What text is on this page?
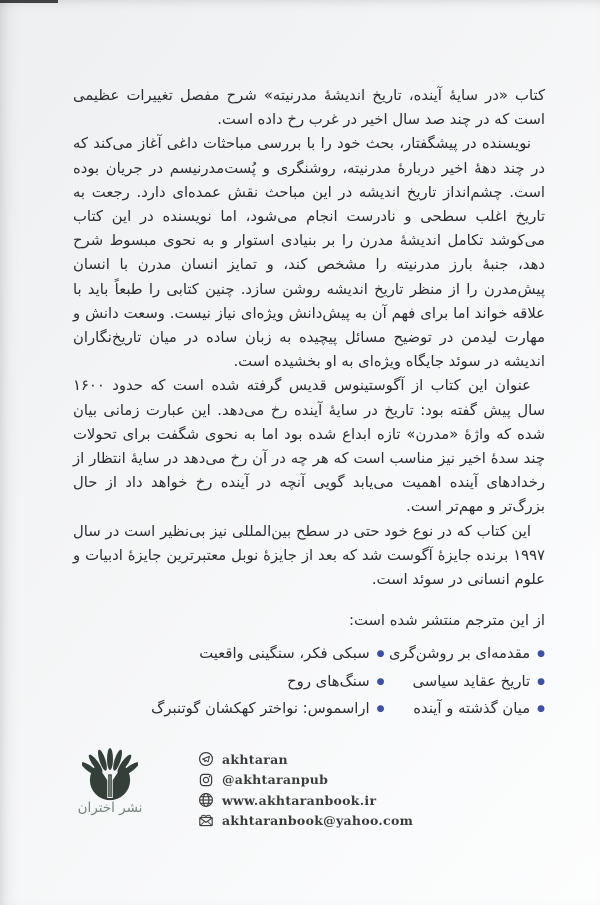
کتاب «در سایهٔ آینده، تاریخ اندیشهٔ مدرنیته» شرح مفصل تغییرات عظیمی است که در چند صد سال اخیر در غرب رخ داده است.

نویسنده در پیشگفتار، بحث خود را با بررسی مباحثات داغی آغاز می‌کند که در چند دههٔ اخیر دربارهٔ مدرنیته، روشنگری و پُست‌مدرنیسم در جریان بوده است. چشم‌انداز تاریخ اندیشه در این مباحث نقش عمده‌ای دارد. رجعت به تاریخ اغلب سطحی و نادرست انجام می‌شود، اما نویسنده در این کتاب می‌کوشد تکامل اندیشهٔ مدرن را بر بنیادی استوار و به نحوی مبسوط شرح دهد، جنبهٔ بارز مدرنیته را مشخص کند، و تمایز انسان مدرن با انسان پیش‌مدرن را از منظر تاریخ اندیشه روشن سازد. چنین کتابی را طبعاً باید با علاقه خواند اما برای فهم آن به پیش‌دانش ویژه‌ای نیاز نیست. وسعت دانش و مهارت لیدمن در توضیح مسائل پیچیده به زبان ساده در میان تاریخ‌نگاران اندیشه در سوئد جایگاه ویژه‌ای به او بخشیده است.

عنوان این کتاب از آگوستینوس قدیس گرفته شده است که حدود ۱۶۰۰ سال پیش گفته بود: تاریخ در سایهٔ آینده رخ می‌دهد. این عبارت زمانی بیان شده که واژهٔ «مدرن» تازه ابداع شده بود اما به نحوی شگفت برای تحولات چند سدهٔ اخیر نیز مناسب است که هر چه در آن رخ می‌دهد در سایهٔ انتظار از رخدادهای آینده اهمیت می‌یابد گویی آنچه در آینده رخ خواهد داد از حال بزرگ‌تر و مهم‌تر است.

این کتاب که در نوع خود حتی در سطح بین‌المللی نیز بی‌نظیر است در سال ۱۹۹۷ برنده جایزهٔ آگوست شد که بعد از جایزهٔ نوبل معتبرترین جایزهٔ ادبیات و علوم انسانی در سوئد است.

از این مترجم منتشر شده است:
●
مقدمه‌ای بر روشن‌گری
●
تاریخ عقاید سیاسی
●
میان گذشته و آینده
●
سبکی فکر، سنگینی واقعیت
●
سنگ‌های روح
●
اراسموس: نواختر کهکشان گوتنبرگ
نشر اختران
akhtaran
@akhtaranpub
www.akhtaranbook.ir
akhtaranbook@yahoo.com
